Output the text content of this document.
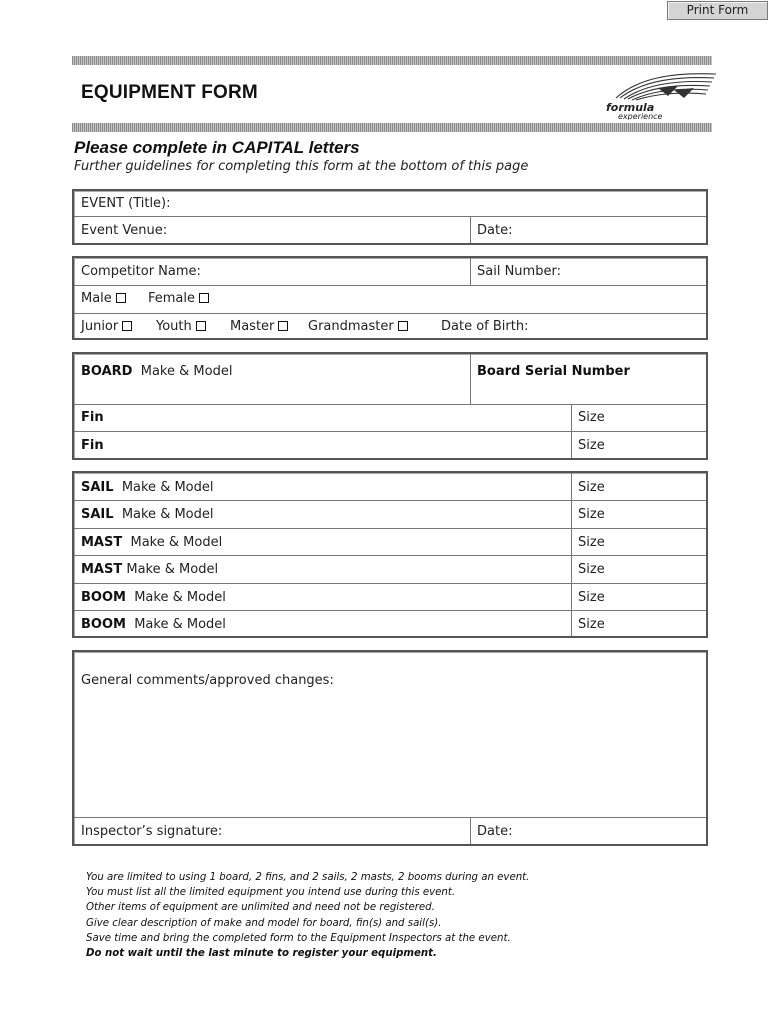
Print Form
EQUIPMENT FORM
formula
experience
Please complete in CAPITAL letters
Further guidelines for completing this form at the bottom of this page
EVENT (Title):
Event Venue:	Date:
Competitor Name:	Sail Number:
Male	Female
Junior	Youth	Master	Grandmaster	Date of Birth:
BOARD Make & Model	Board Serial Number
Fin	Size
Fin	Size
SAIL Make & Model	Size
SAIL Make & Model	Size
MAST Make & Model	Size
MAST Make & Model	Size
BOOM Make & Model	Size
BOOM Make & Model	Size
General comments/approved changes:
Inspector’s signature:	Date:
You are limited to using 1 board, 2 fins, and 2 sails, 2 masts, 2 booms during an event.
You must list all the limited equipment you intend use during this event.
Other items of equipment are unlimited and need not be registered.
Give clear description of make and model for board, fin(s) and sail(s).
Save time and bring the completed form to the Equipment Inspectors at the event.
Do not wait until the last minute to register your equipment.
